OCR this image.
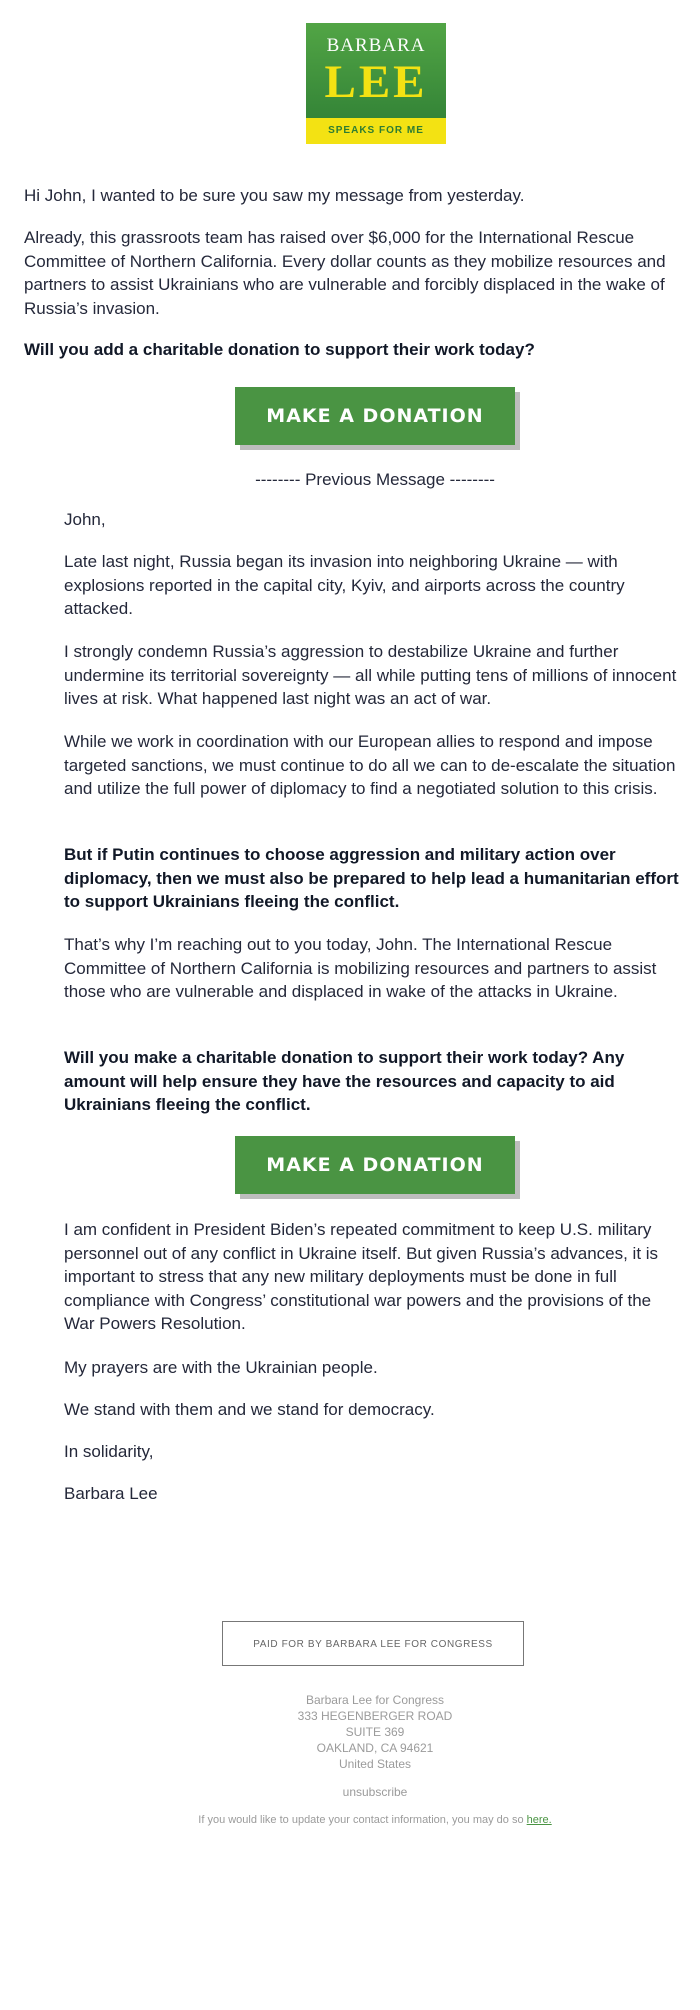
BARBARA
LEE
SPEAKS FOR ME

Hi John, I wanted to be sure you saw my message from yesterday.

Already, this grassroots team has raised over $6,000 for the International Rescue Committee of Northern California. Every dollar counts as they mobilize resources and partners to assist Ukrainians who are vulnerable and forcibly displaced in the wake of Russia’s invasion.

Will you add a charitable donation to support their work today?

MAKE A DONATION
-------- Previous Message --------

John,

Late last night, Russia began its invasion into neighboring Ukraine — with explosions reported in the capital city, Kyiv, and airports across the country attacked.

I strongly condemn Russia’s aggression to destabilize Ukraine and further undermine its territorial sovereignty — all while putting tens of millions of innocent lives at risk. What happened last night was an act of war.

While we work in coordination with our European allies to respond and impose targeted sanctions, we must continue to do all we can to de-escalate the situation and utilize the full power of diplomacy to find a negotiated solution to this crisis.

But if Putin continues to choose aggression and military action over diplomacy, then we must also be prepared to help lead a humanitarian effort to support Ukrainians fleeing the conflict.

That’s why I’m reaching out to you today, John. The International Rescue Committee of Northern California is mobilizing resources and partners to assist those who are vulnerable and displaced in wake of the attacks in Ukraine.

Will you make a charitable donation to support their work today? Any amount will help ensure they have the resources and capacity to aid Ukrainians fleeing the conflict.

MAKE A DONATION

I am confident in President Biden’s repeated commitment to keep U.S. military personnel out of any conflict in Ukraine itself. But given Russia’s advances, it is important to stress that any new military deployments must be done in full compliance with Congress’ constitutional war powers and the provisions of the War Powers Resolution.

My prayers are with the Ukrainian people.

We stand with them and we stand for democracy.

In solidarity,

Barbara Lee

PAID FOR BY BARBARA LEE FOR CONGRESS
Barbara Lee for Congress
333 HEGENBERGER ROAD
SUITE 369
OAKLAND, CA 94621
United States
unsubscribe
If you would like to update your contact information, you may do so here.
